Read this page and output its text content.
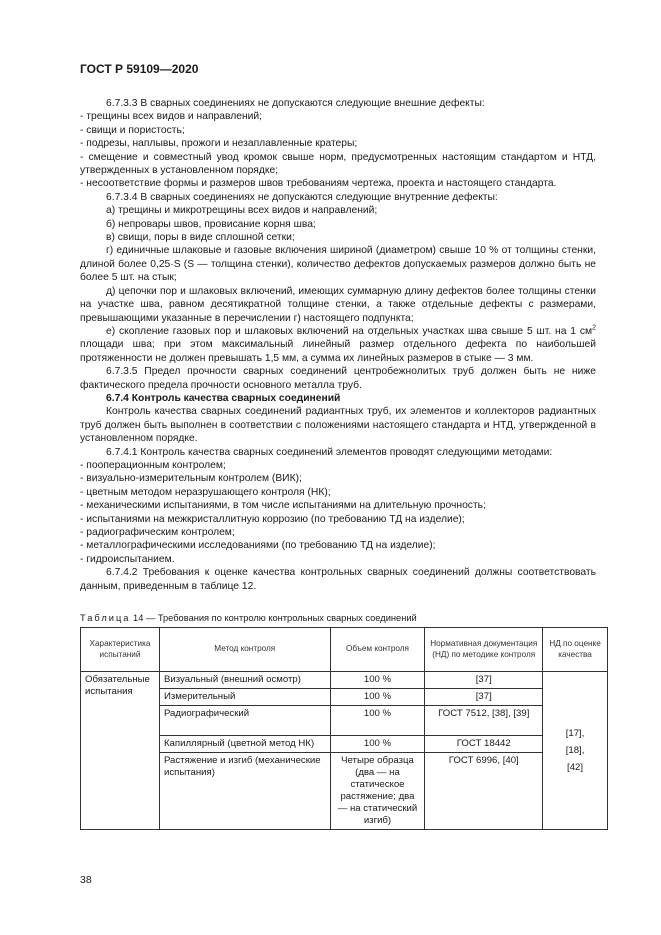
ГОСТ Р 59109—2020

6.7.3.3 В сварных соединениях не допускаются следующие внешние дефекты:

- трещины всех видов и направлений;

- свищи и пористость;

- подрезы, наплывы, прожоги и незаплавленные кратеры;

- смещение и совместный увод кромок свыше норм, предусмотренных настоящим стандартом и НТД, утвержденных в установленном порядке;

- несоответствие формы и размеров швов требованиям чертежа, проекта и настоящего стандарта.

6.7.3.4 В сварных соединениях не допускаются следующие внутренние дефекты:

а) трещины и микротрещины всех видов и направлений;

б) непровары швов, провисание корня шва;

в) свищи, поры в виде сплошной сетки;

г) единичные шлаковые и газовые включения шириной (диаметром) свыше 10 % от толщины стенки, длиной более 0,25·S (S — толщина стенки), количество дефектов допускаемых размеров должно быть не более 5 шт. на стык;

д) цепочки пор и шлаковых включений, имеющих суммарную длину дефектов более толщины стенки на участке шва, равном десятикратной толщине стенки, а также отдельные дефекты с размерами, превышающими указанные в перечислении г) настоящего подпункта;

е) скопление газовых пор и шлаковых включений на отдельных участках шва свыше 5 шт. на 1 $см^2$ площади шва; при этом максимальный линейный размер отдельного дефекта по наибольшей протяженности не должен превышать 1,5 мм, а сумма их линейных размеров в стыке — 3 мм.

6.7.3.5 Предел прочности сварных соединений центробежнолитых труб должен быть не ниже фактического предела прочности основного металла труб.

6.7.4 Контроль качества сварных соединений

Контроль качества сварных соединений радиантных труб, их элементов и коллекторов радиантных труб должен быть выполнен в соответствии с положениями настоящего стандарта и НТД, утвержденной в установленном порядке.

6.7.4.1 Контроль качества сварных соединений элементов проводят следующими методами:

- пооперационным контролем;

- визуально-измерительным контролем (ВИК);

- цветным методом неразрушающего контроля (НК);

- механическими испытаниями, в том числе испытаниями на длительную прочность;

- испытаниями на межкристаллитную коррозию (по требованию ТД на изделие);

- радиографическим контролем;

- металлографическими исследованиями (по требованию ТД на изделие);

- гидроиспытанием.

6.7.4.2 Требования к оценке качества контрольных сварных соединений должны соответствовать данным, приведенным в таблице 12.

Таблица 14 — Требования по контролю контрольных сварных соединений
Характеристика испытаний	Метод контроля	Объем контроля	Нормативная документация (НД) по методике контроля	НД по оценке качества
Обязательные испытания	Визуальный (внешний осмотр)	100 %	[37]	[17],
[18],
[42]

	Измерительный	100 %	[37]	
	Радиографический	100 %	ГОСТ 7512, [38], [39]	
	Капиллярный (цветной метод НК)	100 %	ГОСТ 18442	
	Растяжение и изгиб (механические испытания)	Четыре образца (два — на статическое растяжение; два — на статический изгиб)	ГОСТ 6996, [40]	
38
